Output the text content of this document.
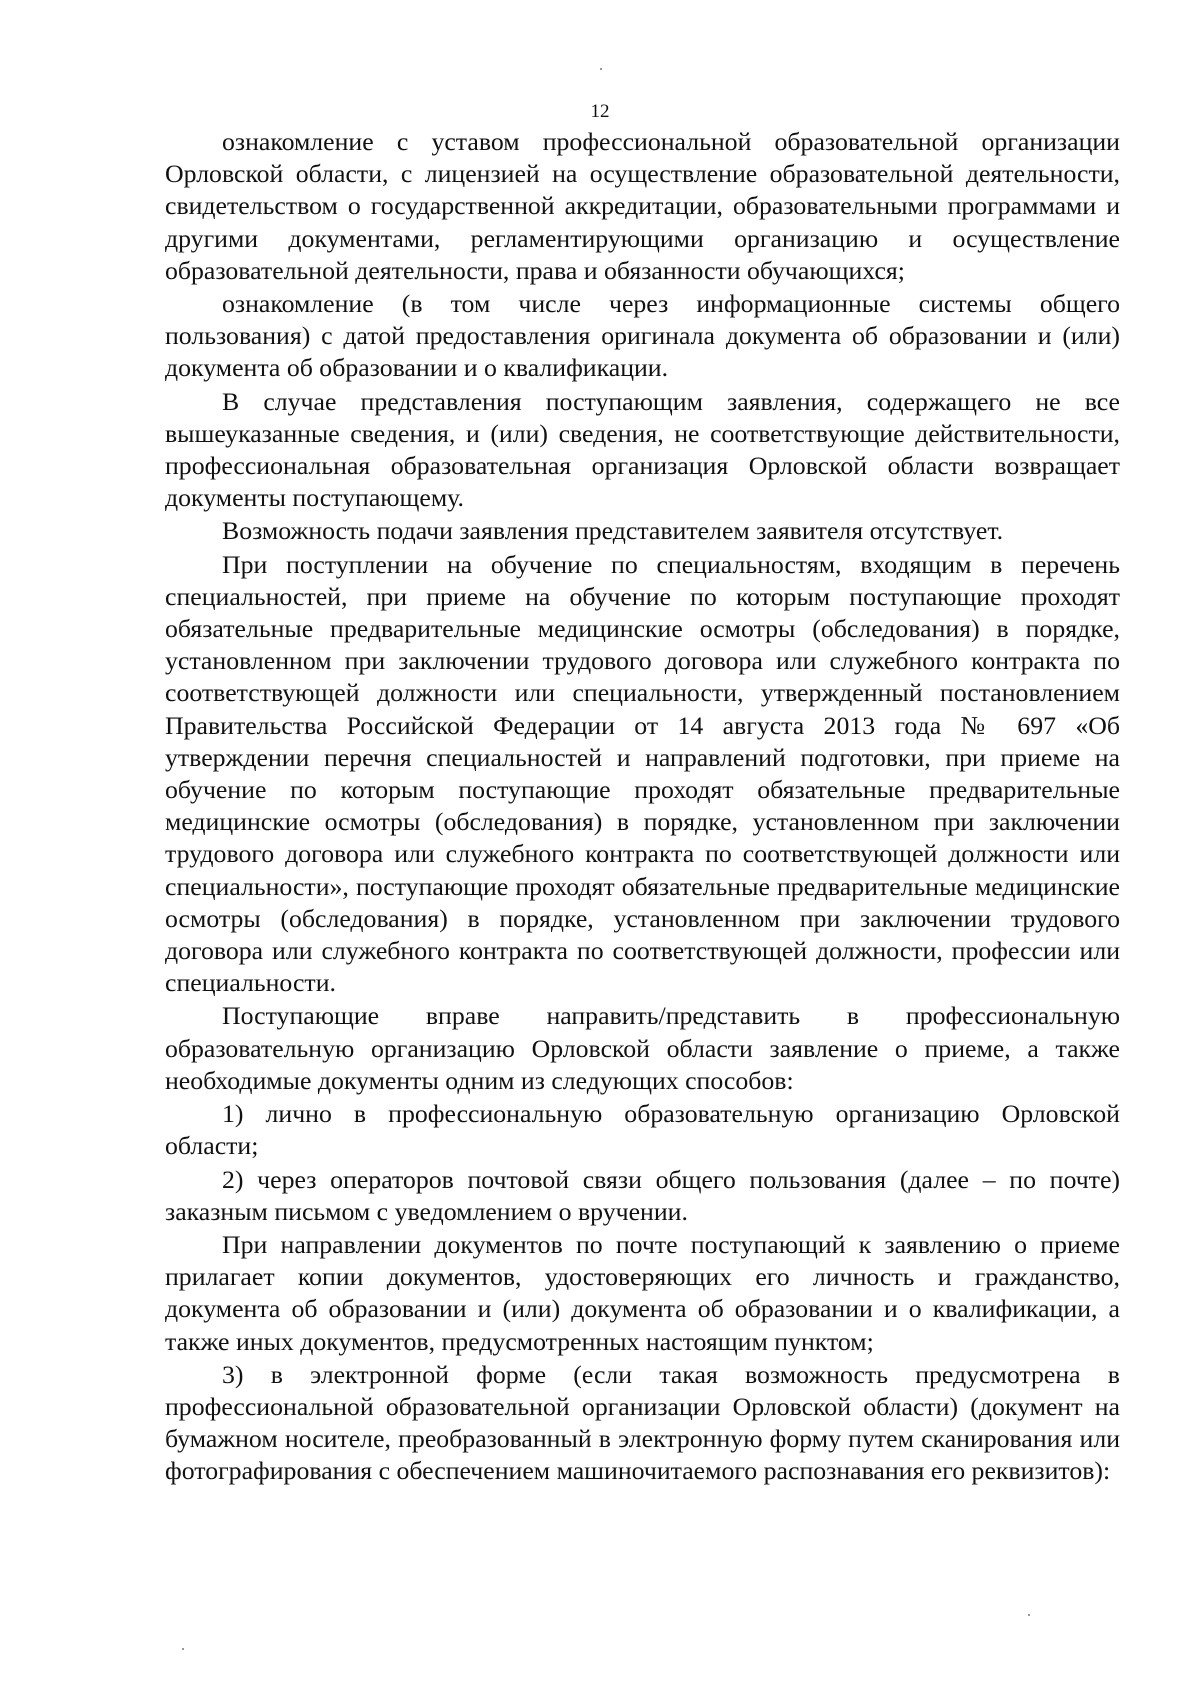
12

ознакомление с уставом профессиональной образовательной организации Орловской области, с лицензией на осуществление образовательной деятельности, свидетельством о государственной аккредитации, образовательными программами и другими документами, регламентирующими организацию и осуществление образовательной деятельности, права и обязанности обучающихся;

ознакомление (в том числе через информационные системы общего пользования) с датой предоставления оригинала документа об образовании и (или) документа об образовании и о квалификации.

В случае представления поступающим заявления, содержащего не все вышеуказанные сведения, и (или) сведения, не соответствующие действительности, профессиональная образовательная организация Орловской области возвращает документы поступающему.

Возможность подачи заявления представителем заявителя отсутствует.

При поступлении на обучение по специальностям, входящим в перечень специальностей, при приеме на обучение по которым поступающие проходят обязательные предварительные медицинские осмотры (обследования) в порядке, установленном при заключении трудового договора или служебного контракта по соответствующей должности или специальности, утвержденный постановлением Правительства Российской Федерации от 14 августа 2013 года № 697 «Об утверждении перечня специальностей и направлений подготовки, при приеме на обучение по которым поступающие проходят обязательные предварительные медицинские осмотры (обследования) в порядке, установленном при заключении трудового договора или служебного контракта по соответствующей должности или специальности», поступающие проходят обязательные предварительные медицинские осмотры (обследования) в порядке, установленном при заключении трудового договора или служебного контракта по соответствующей должности, профессии или специальности.

Поступающие вправе направить/представить в профессиональную образовательную организацию Орловской области заявление о приеме, а также необходимые документы одним из следующих способов:

1) лично в профессиональную образовательную организацию Орловской области;

2) через операторов почтовой связи общего пользования (далее – по почте) заказным письмом с уведомлением о вручении.

При направлении документов по почте поступающий к заявлению о приеме прилагает копии документов, удостоверяющих его личность и гражданство, документа об образовании и (или) документа об образовании и о квалификации, а также иных документов, предусмотренных настоящим пунктом;

3) в электронной форме (если такая возможность предусмотрена в профессиональной образовательной организации Орловской области) (документ на бумажном носителе, преобразованный в электронную форму путем сканирования или фотографирования с обеспечением машиночитаемого распознавания его реквизитов):
